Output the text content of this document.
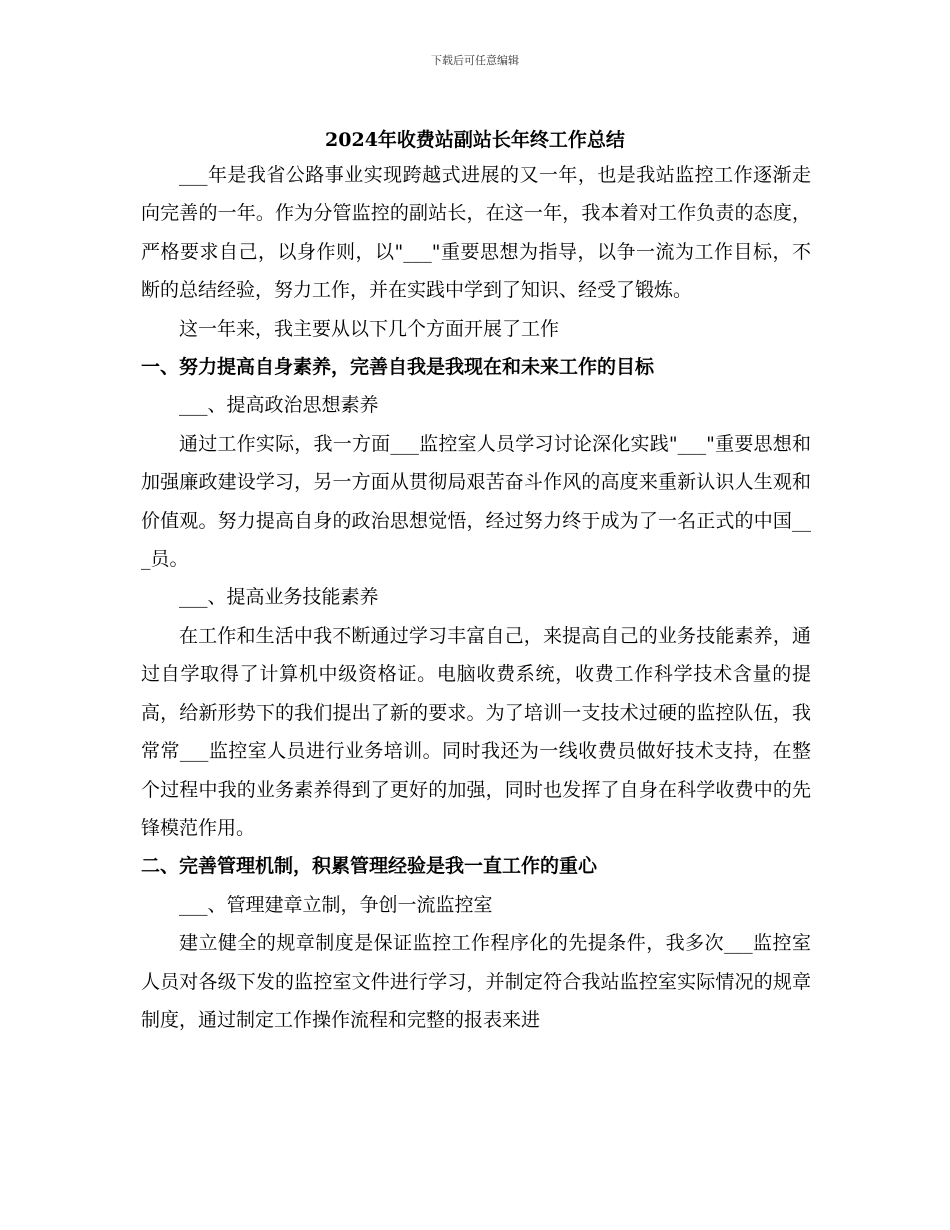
下载后可任意编辑
2024年收费站副站长年终工作总结

___年是我省公路事业实现跨越式进展的又一年，也是我站监控工作逐渐走向完善的一年。作为分管监控的副站长，在这一年，我本着对工作负责的态度，严格要求自己，以身作则，以"___"重要思想为指导，以争一流为工作目标，不断的总结经验，努力工作，并在实践中学到了知识、经受了锻炼。

这一年来，我主要从以下几个方面开展了工作

一、努力提高自身素养，完善自我是我现在和未来工作的目标

___、提高政治思想素养

通过工作实际，我一方面___监控室人员学习讨论深化实践"___"重要思想和加强廉政建设学习，另一方面从贯彻局艰苦奋斗作风的高度来重新认识人生观和价值观。努力提高自身的政治思想觉悟，经过努力终于成为了一名正式的中国___员。

___、提高业务技能素养

在工作和生活中我不断通过学习丰富自己，来提高自己的业务技能素养，通过自学取得了计算机中级资格证。电脑收费系统，收费工作科学技术含量的提高，给新形势下的我们提出了新的要求。为了培训一支技术过硬的监控队伍，我常常___监控室人员进行业务培训。同时我还为一线收费员做好技术支持，在整个过程中我的业务素养得到了更好的加强，同时也发挥了自身在科学收费中的先锋模范作用。

二、完善管理机制，积累管理经验是我一直工作的重心

___、管理建章立制，争创一流监控室

建立健全的规章制度是保证监控工作程序化的先提条件，我多次___监控室人员对各级下发的监控室文件进行学习，并制定符合我站监控室实际情况的规章制度，通过制定工作操作流程和完整的报表来进
